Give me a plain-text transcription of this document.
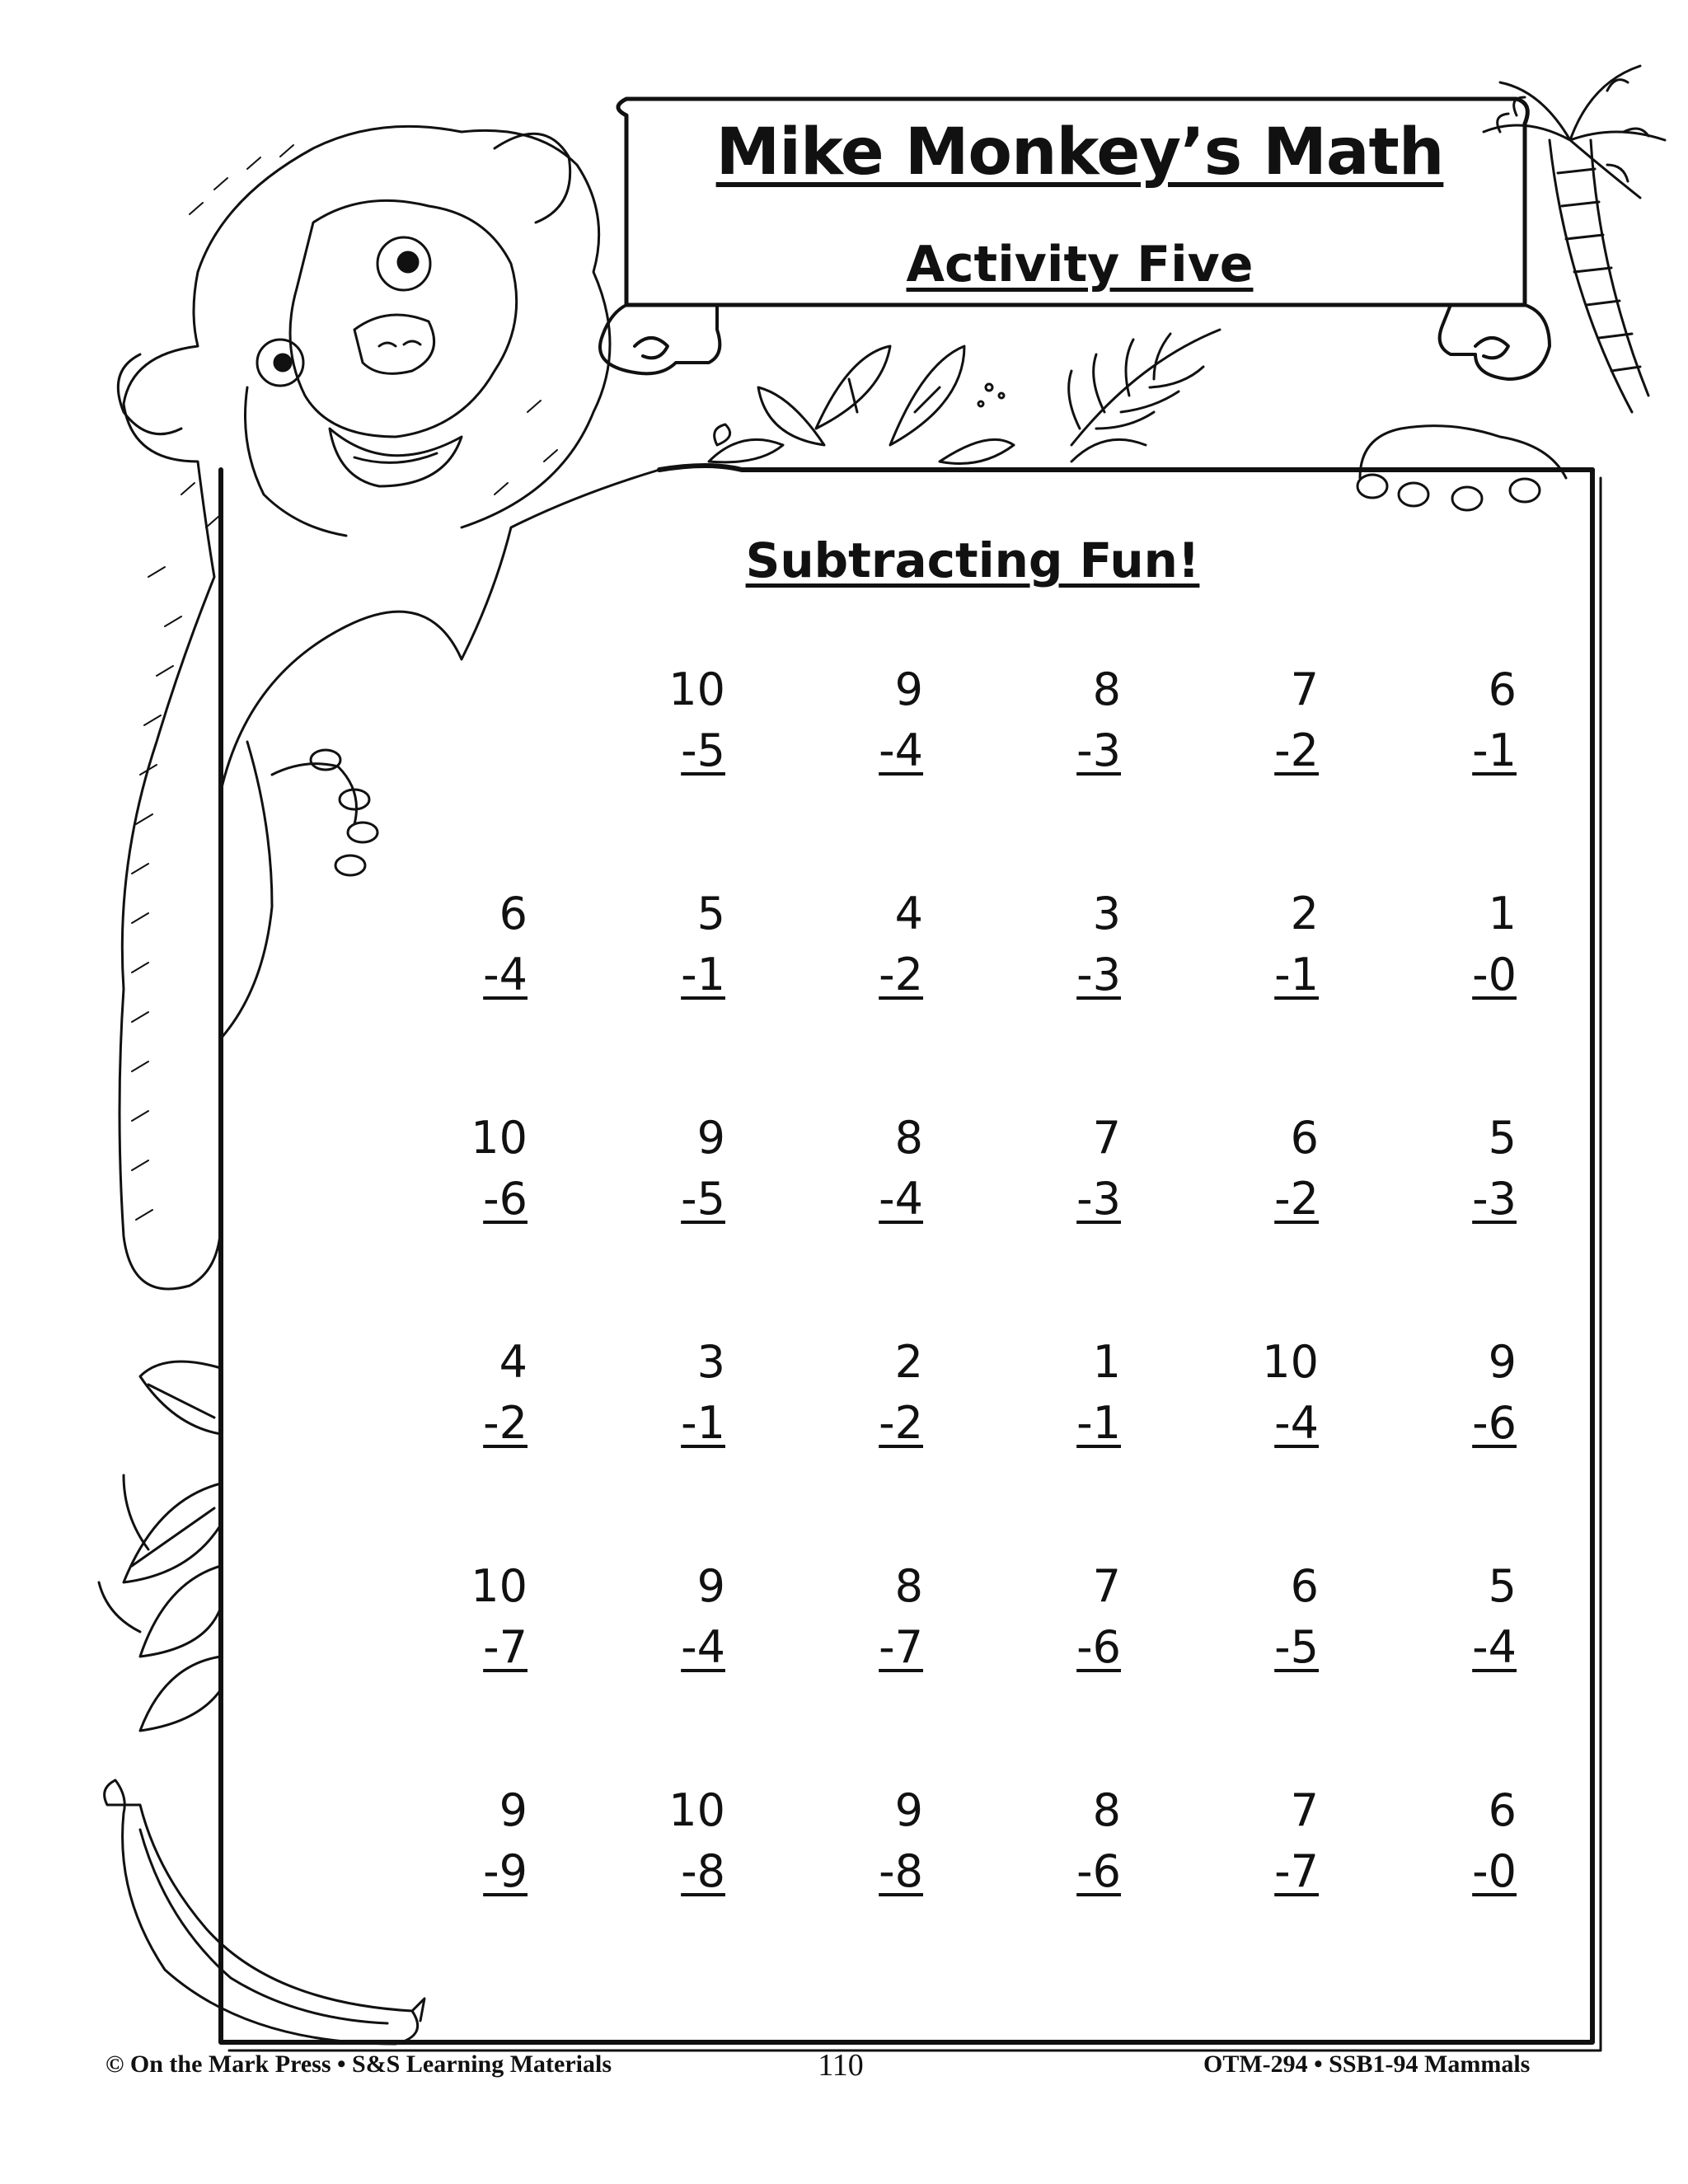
Mike Monkey’s Math
Activity Five
Subtracting Fun!
10
-5
9
-4
8
-3
7
-2
6
-1
6
-4
5
-1
4
-2
3
-3
2
-1
1
-0
10
-6
9
-5
8
-4
7
-3
6
-2
5
-3
4
-2
3
-1
2
-2
1
-1
10
-4
9
-6
10
-7
9
-4
8
-7
7
-6
6
-5
5
-4
9
-9
10
-8
9
-8
8
-6
7
-7
6
-0
© On the Mark Press • S&S Learning Materials	110	OTM-294 • SSB1-94 Mammals
